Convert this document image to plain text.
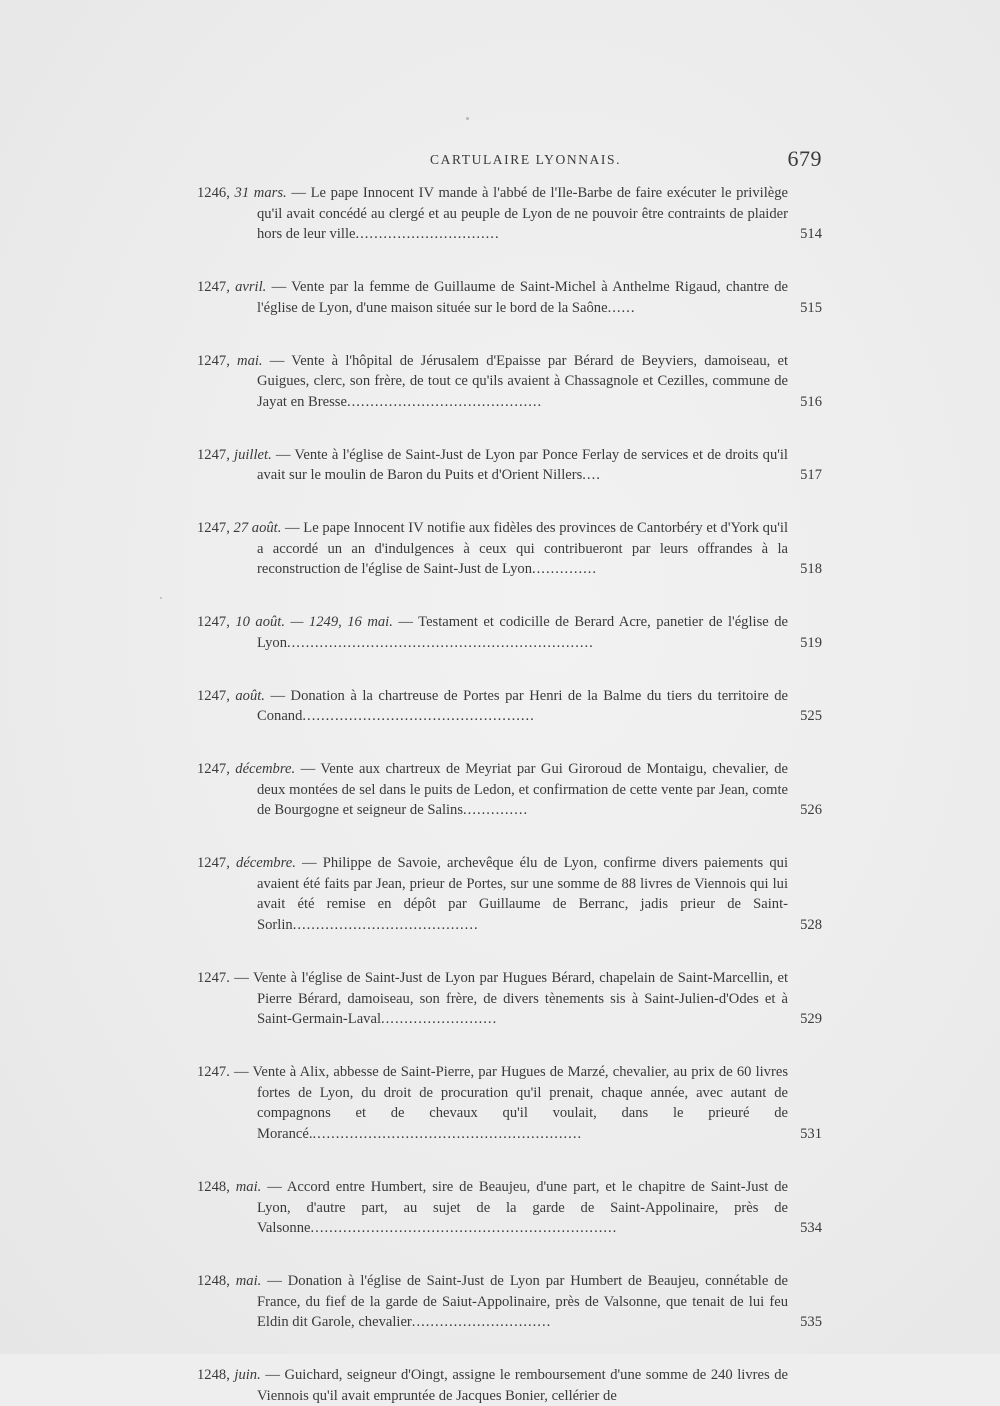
CARTULAIRE LYONNAIS.	679
1246, 31 mars. — Le pape Innocent IV mande à l'abbé de l'Ile-Barbe de faire exécuter le privilège qu'il avait concédé au clergé et au peuple de Lyon de ne pouvoir être contraints de plaider hors de leur ville...............................	514
1247, avril. — Vente par la femme de Guillaume de Saint-Michel à Anthelme Rigaud, chantre de l'église de Lyon, d'une maison située sur le bord de la Saône......	515
1247, mai. — Vente à l'hôpital de Jérusalem d'Epaisse par Bérard de Beyviers, damoiseau, et Guigues, clerc, son frère, de tout ce qu'ils avaient à Chassagnole et Cezilles, commune de Jayat en Bresse..........................................	516
1247, juillet. — Vente à l'église de Saint-Just de Lyon par Ponce Ferlay de services et de droits qu'il avait sur le moulin de Baron du Puits et d'Orient Nillers....	517
1247, 27 août. — Le pape Innocent IV notifie aux fidèles des provinces de Cantorbéry et d'York qu'il a accordé un an d'indulgences à ceux qui contribueront par leurs offrandes à la reconstruction de l'église de Saint-Just de Lyon..............	518
1247, 10 août. — 1249, 16 mai. — Testament et codicille de Berard Acre, panetier de l'église de Lyon..................................................................	519
1247, août. — Donation à la chartreuse de Portes par Henri de la Balme du tiers du territoire de Conand..................................................	525
1247, décembre. — Vente aux chartreux de Meyriat par Gui Giroroud de Montaigu, chevalier, de deux montées de sel dans le puits de Ledon, et confirmation de cette vente par Jean, comte de Bourgogne et seigneur de Salins..............	526
1247, décembre. — Philippe de Savoie, archevêque élu de Lyon, confirme divers paiements qui avaient été faits par Jean, prieur de Portes, sur une somme de 88 livres de Viennois qui lui avait été remise en dépôt par Guillaume de Berranc, jadis prieur de Saint-Sorlin........................................	528
1247. — Vente à l'église de Saint-Just de Lyon par Hugues Bérard, chapelain de Saint-Marcellin, et Pierre Bérard, damoiseau, son frère, de divers tènements sis à Saint-Julien-d'Odes et à Saint-Germain-Laval.........................	529
1247. — Vente à Alix, abbesse de Saint-Pierre, par Hugues de Marzé, chevalier, au prix de 60 livres fortes de Lyon, du droit de procuration qu'il prenait, chaque année, avec autant de compagnons et de chevaux qu'il voulait, dans le prieuré de Morancé...........................................................	531
1248, mai. — Accord entre Humbert, sire de Beaujeu, d'une part, et le chapitre de Saint-Just de Lyon, d'autre part, au sujet de la garde de Saint-Appolinaire, près de Valsonne..................................................................	534
1248, mai. — Donation à l'église de Saint-Just de Lyon par Humbert de Beaujeu, connétable de France, du fief de la garde de Saiut-Appolinaire, près de Valsonne, que tenait de lui feu Eldin dit Garole, chevalier..............................	535
1248, juin. — Guichard, seigneur d'Oingt, assigne le remboursement d'une somme de 240 livres de Viennois qu'il avait empruntée de Jacques Bonier, cellérier de
